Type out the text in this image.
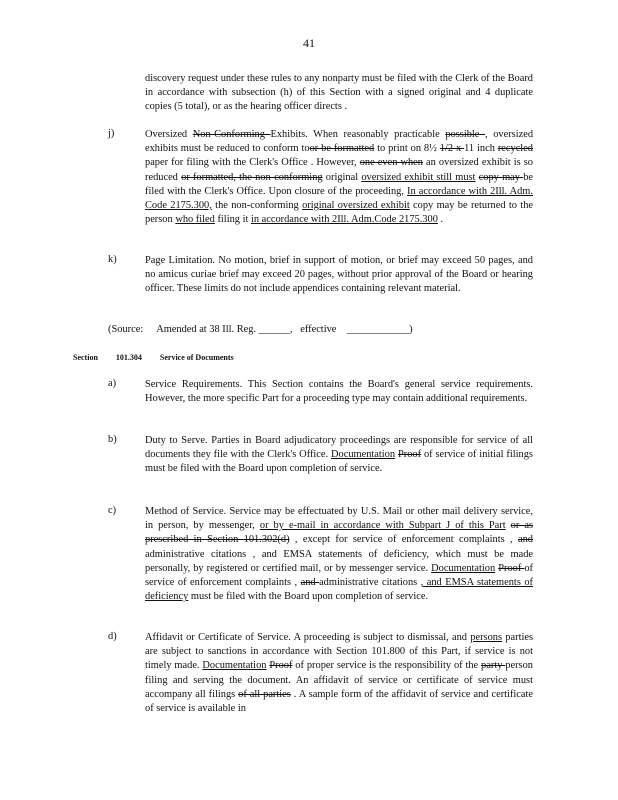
41
discovery request under these rules to any nonparty must be filed with the Clerk of the Board in accordance with subsection (h) of this Section with a signed original and 4 duplicate copies (5 total), or as the hearing officer directs .
j)	Oversized Non-Conforming Exhibits. When reasonably practicable possible , oversized exhibits must be reduced to conform toor be formatted to print on 8½ 1/2 x 11 inch recycled paper for filing with the Clerk's Office . However, one even when an oversized exhibit is so reduced or formatted, the non-conforming original oversized exhibit still must copy may be filed with the Clerk's Office. Upon closure of the proceeding, In accordance with 2Ill. Adm. Code 2175.300, the non-conforming original oversized exhibit copy may be returned to the person who filed filing it in accordance with 2Ill. Adm.Code 2175.300 .
k)	Page Limitation. No motion, brief in support of motion, or brief may exceed 50 pages, and no amicus curiae brief may exceed 20 pages, without prior approval of the Board or hearing officer. These limits do not include appendices containing relevant material.
(Source: Amended at 38 Ill. Reg. ______, effective ____________)
Section 101.304 Service of Documents
a)	Service Requirements. This Section contains the Board's general service requirements. However, the more specific Part for a proceeding type may contain additional requirements.
b)	Duty to Serve. Parties in Board adjudicatory proceedings are responsible for service of all documents they file with the Clerk's Office. Documentation Proof of service of initial filings must be filed with the Board upon completion of service.
c)	Method of Service. Service may be effectuated by U.S. Mail or other mail delivery service, in person, by messenger, or by e-mail in accordance with Subpart J of this Part or as prescribed in Section 101.302(d) , except for service of enforcement complaints , and administrative citations , and EMSA statements of deficiency, which must be made personally, by registered or certified mail, or by messenger service. Documentation Proof of service of enforcement complaints , and administrative citations , and EMSA statements of deficiency must be filed with the Board upon completion of service.
d)	Affidavit or Certificate of Service. A proceeding is subject to dismissal, and persons parties are subject to sanctions in accordance with Section 101.800 of this Part, if service is not timely made. Documentation Proof of proper service is the responsibility of the party person filing and serving the document. An affidavit of service or certificate of service must accompany all filings of all parties . A sample form of the affidavit of service and certificate of service is available in
